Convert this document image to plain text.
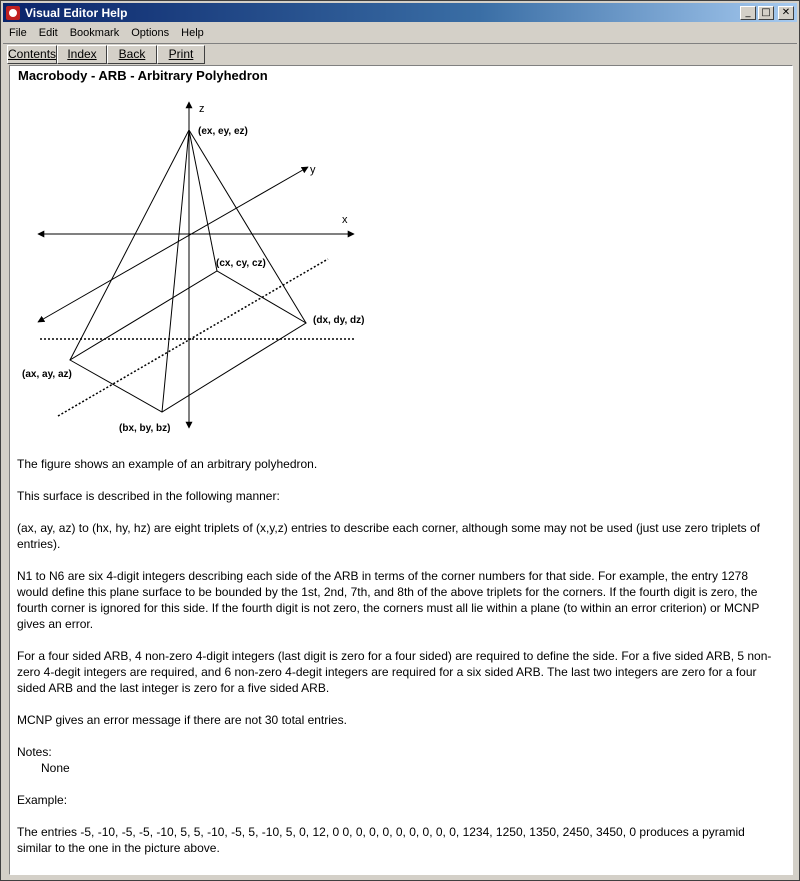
Visual Editor Help	_	□	✕
File	Edit	Bookmark	Options	Help
Contents Index	Back	Print
Macrobody - ARB - Arbitrary Polyhedron
z
y
x
(ex, ey, ez)
(cx, cy, cz)
(dx, dy, dz)
(ax, ay, az)
(bx, by, bz)

The figure shows an example of an arbitrary polyhedron.

This surface is described in the following manner:

(ax, ay, az) to (hx, hy, hz) are eight triplets of (x,y,z) entries to describe each corner, although some may not be used (just use zero triplets of entries).

N1 to N6 are six 4-digit integers describing each side of the ARB in terms of the corner numbers for that side. For example, the entry 1278 would define this plane surface to be bounded by the 1st, 2nd, 7th, and 8th of the above triplets for the corners. If the fourth digit is zero, the fourth corner is ignored for this side. If the fourth digit is not zero, the corners must all lie within a plane (to within an error criterion) or MCNP gives an error.

For a four sided ARB, 4 non-zero 4-digit integers (last digit is zero for a four sided) are required to define the side. For a five sided ARB, 5 non-zero 4-degit integers are required, and 6 non-zero 4-degit integers are required for a six sided ARB. The last two integers are zero for a four sided ARB and the last integer is zero for a five sided ARB.

MCNP gives an error message if there are not 30 total entries.

Notes:

None

Example:

The entries -5, -10, -5, -5, -10, 5, 5, -10, -5, 5, -10, 5, 0, 12, 0 0, 0, 0, 0, 0, 0, 0, 0, 0, 1234, 1250, 1350, 2450, 3450, 0 produces a pyramid similar to the one in the picture above.
